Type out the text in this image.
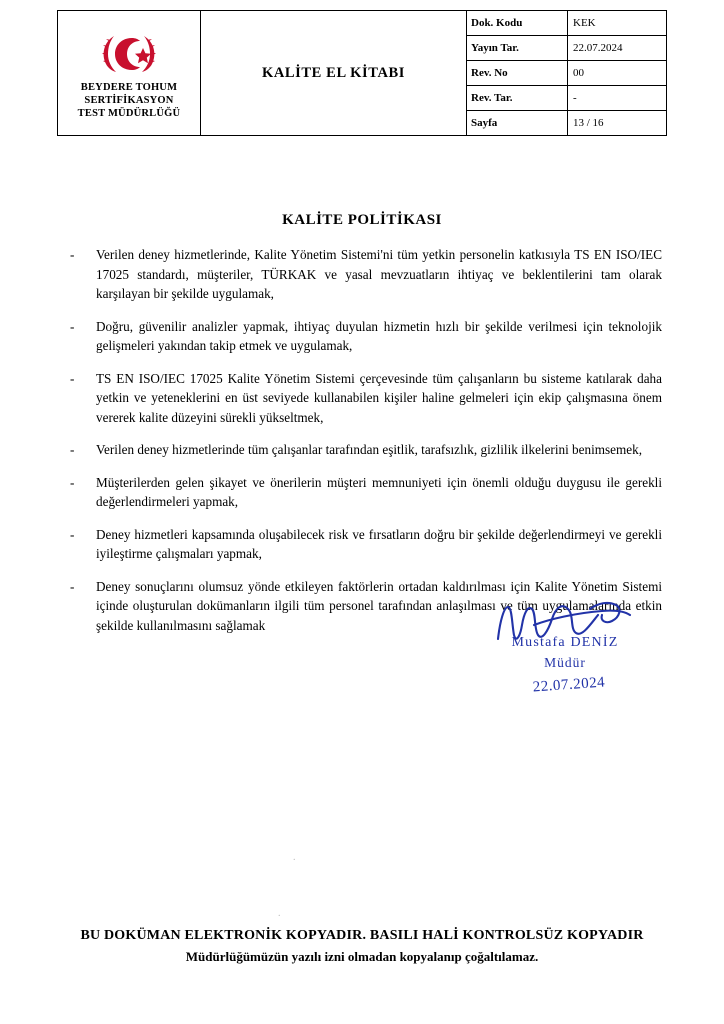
BEYDERE TOHUM
SERTİFİKASYON
TEST MÜDÜRLÜĞÜ	KALİTE EL KİTABI	Dok. Kodu	KEK
		Yayın Tar.	22.07.2024
		Rev. No	00
		Rev. Tar.	-
		Sayfa	13 / 16
KALİTE POLİTİKASI
- Verilen deney hizmetlerinde, Kalite Yönetim Sistemi'ni tüm yetkin personelin katkısıyla TS EN ISO/IEC 17025 standardı, müşteriler, TÜRKAK ve yasal mevzuatların ihtiyaç ve beklentilerini tam olarak karşılayan bir şekilde uygulamak,
- Doğru, güvenilir analizler yapmak, ihtiyaç duyulan hizmetin hızlı bir şekilde verilmesi için teknolojik gelişmeleri yakından takip etmek ve uygulamak,
- TS EN ISO/IEC 17025 Kalite Yönetim Sistemi çerçevesinde tüm çalışanların bu sisteme katılarak daha yetkin ve yeteneklerini en üst seviyede kullanabilen kişiler haline gelmeleri için ekip çalışmasına önem vererek kalite düzeyini sürekli yükseltmek,
- Verilen deney hizmetlerinde tüm çalışanlar tarafından eşitlik, tarafsızlık, gizlilik ilkelerini benimsemek,
- Müşterilerden gelen şikayet ve önerilerin müşteri memnuniyeti için önemli olduğu duygusu ile gerekli değerlendirmeleri yapmak,
- Deney hizmetleri kapsamında oluşabilecek risk ve fırsatların doğru bir şekilde değerlendirmeyi ve gerekli iyileştirme çalışmaları yapmak,
- Deney sonuçlarını olumsuz yönde etkileyen faktörlerin ortadan kaldırılması için Kalite Yönetim Sistemi içinde oluşturulan dokümanların ilgili tüm personel tarafından anlaşılması ve tüm uygulamalarında etkin şekilde kullanılmasını sağlamak
Mustafa DENİZ
Müdür
22.07.2024
.
.
BU DOKÜMAN ELEKTRONİK KOPYADIR. BASILI HALİ KONTROLSÜZ KOPYADIR
Müdürlüğümüzün yazılı izni olmadan kopyalanıp çoğaltılamaz.
